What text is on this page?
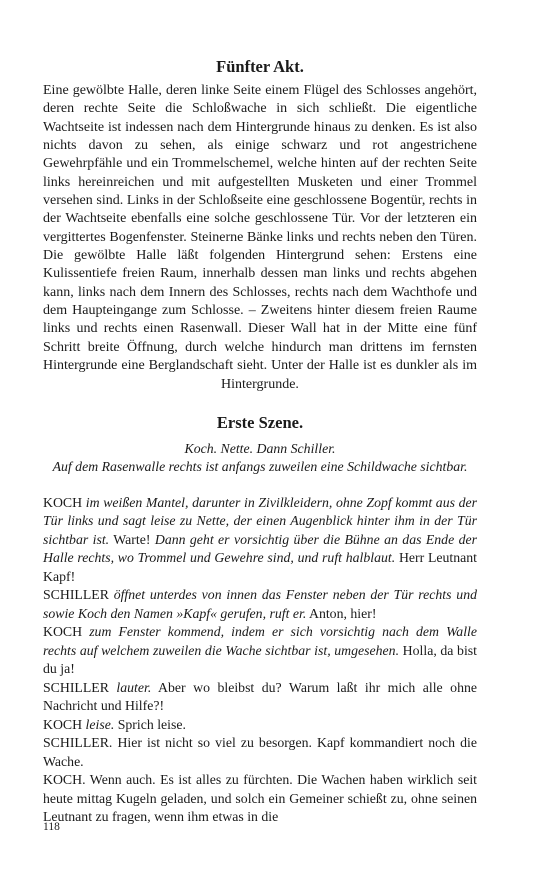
Fünfter Akt.

Eine gewölbte Halle, deren linke Seite einem Flügel des Schlosses angehört, deren rechte Seite die Schloßwache in sich schließt. Die eigentliche Wachtseite ist indessen nach dem Hintergrunde hinaus zu denken. Es ist also nichts davon zu sehen, als einige schwarz und rot angestrichene Gewehrpfähle und ein Trommelschemel, welche hinten auf der rechten Seite links hereinreichen und mit aufgestellten Musketen und einer Trommel versehen sind. Links in der Schloßseite eine geschlossene Bogentür, rechts in der Wachtseite ebenfalls eine solche geschlossene Tür. Vor der letzteren ein vergittertes Bogenfenster. Steinerne Bänke links und rechts neben den Türen. Die gewölbte Halle läßt folgenden Hintergrund sehen: Erstens eine Kulissentiefe freien Raum, innerhalb dessen man links und rechts abgehen kann, links nach dem Innern des Schlosses, rechts nach dem Wachthofe und dem Haupteingange zum Schlosse. – Zweitens hinter diesem freien Raume links und rechts einen Rasenwall. Dieser Wall hat in der Mitte eine fünf Schritt breite Öffnung, durch welche hindurch man drittens im fernsten Hintergrunde eine Berglandschaft sieht. Unter der Halle ist es dunkler als im Hintergrunde.

Erste Szene.

Koch. Nette. Dann Schiller.

Auf dem Rasenwalle rechts ist anfangs zuweilen eine Schildwache sichtbar.

KOCH im weißen Mantel, darunter in Zivilkleidern, ohne Zopf kommt aus der Tür links und sagt leise zu Nette, der einen Augenblick hinter ihm in der Tür sichtbar ist. Warte! Dann geht er vorsichtig über die Bühne an das Ende der Halle rechts, wo Trommel und Gewehre sind, und ruft halblaut. Herr Leutnant Kapf!

SCHILLER öffnet unterdes von innen das Fenster neben der Tür rechts und sowie Koch den Namen »Kapf« gerufen, ruft er. Anton, hier!

KOCH zum Fenster kommend, indem er sich vorsichtig nach dem Walle rechts auf welchem zuweilen die Wache sichtbar ist, umgesehen. Holla, da bist du ja!

SCHILLER lauter. Aber wo bleibst du? Warum laßt ihr mich alle ohne Nachricht und Hilfe?!

KOCH leise. Sprich leise.

SCHILLER. Hier ist nicht so viel zu besorgen. Kapf kommandiert noch die Wache.

KOCH. Wenn auch. Es ist alles zu fürchten. Die Wachen haben wirklich seit heute mittag Kugeln geladen, und solch ein Gemeiner schießt zu, ohne seinen Leutnant zu fragen, wenn ihm etwas in die

118
